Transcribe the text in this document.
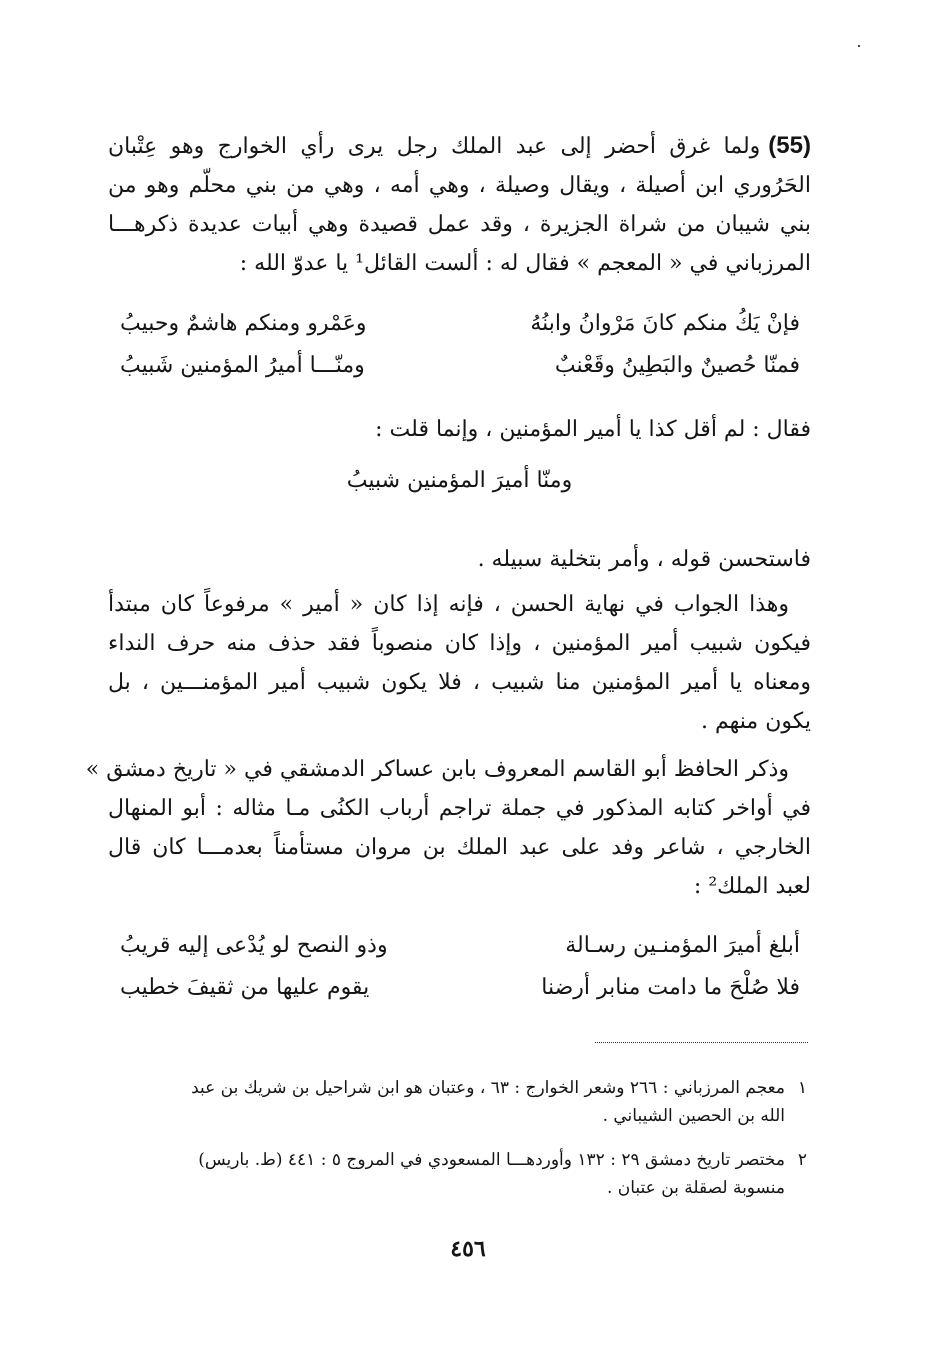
(55)ولما غرق أحضر إلى عبد الملك رجل يرى رأي الخوارج وهو عِتْبان
الحَرُوري ابن أصيلة ، ويقال وصيلة ، وهي أمه ، وهي من بني محلّم وهو من
بني شيبان من شراة الجزيرة ، وقد عمل قصيدة وهي أبيات عديدة ذكرهـــا
المرزباني في « المعجم » فقال له : ألست القائل¹ يا عدوّ الله :
فإنْ يَكُ منكم كانَ مَرْوانُ وابنُهُ
وعَمْرو ومنكم هاشمٌ وحبيبُ
فمنّا حُصينٌ والبَطِينُ وقَعْنبٌ
ومنّـــا أميرُ المؤمنين شَبيبُ
فقال : لم أقل كذا يا أمير المؤمنين ، وإنما قلت :
ومنّا أميرَ المؤمنين شبيبُ
فاستحسن قوله ، وأمر بتخلية سبيله .
وهذا الجواب في نهاية الحسن ، فإنه إذا كان « أمير » مرفوعاً كان مبتدأ
فيكون شبيب أمير المؤمنين ، وإذا كان منصوباً فقد حذف منه حرف النداء
ومعناه يا أمير المؤمنين منا شبيب ، فلا يكون شبيب أمير المؤمنـــين ، بل
يكون منهم .
وذكر الحافظ أبو القاسم المعروف بابن عساكر الدمشقي في « تاريخ دمشق »
في أواخر كتابه المذكور في جملة تراجم أرباب الكنُى مـا مثاله : أبو المنهال
الخارجي ، شاعر وفد على عبد الملك بن مروان مستأمناً بعدمـــا كان قال
لعبد الملك² :
أبلغ أميرَ المؤمنـين رسـالة
وذو النصح لو يُدْعى إليه قريبُ
فلا صُلْحَ ما دامت منابر أرضنا
يقوم عليها من ثقيفَ خطيب
١معجم المرزباني : ٢٦٦ وشعر الخوارج : ٦٣ ، وعتبان هو ابن شراحيل بن شريك بن عبد
الله بن الحصين الشيباني .
٢مختصر تاريخ دمشق ٢٩ : ١٣٢ وأوردهـــا المسعودي في المروج ٥ : ٤٤١ (ط. باريس)
منسوبة لصقلة بن عتبان .
٤٥٦
